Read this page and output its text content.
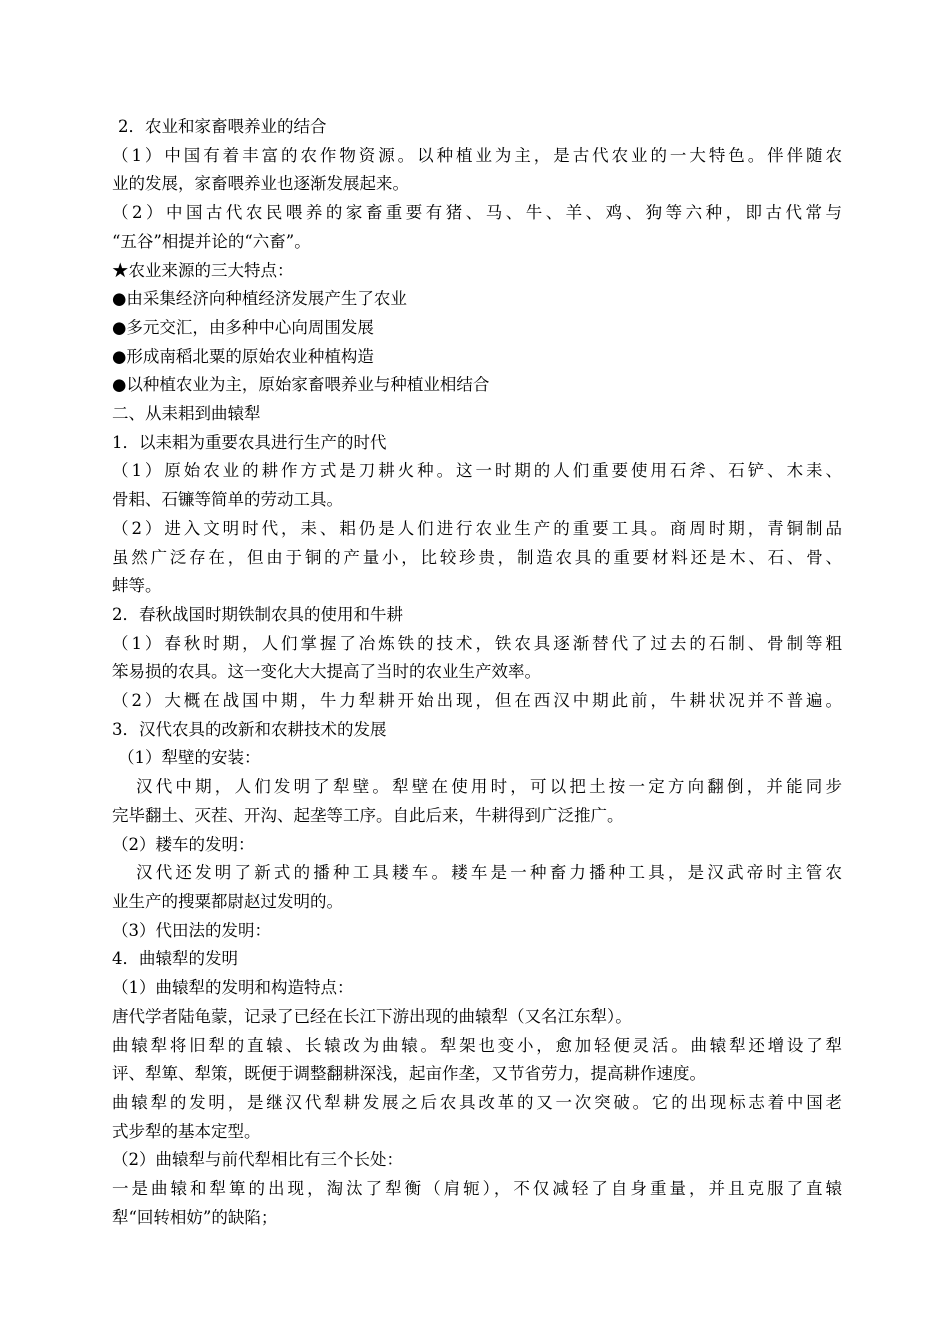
2．农业和家畜喂养业的结合
（1）中国有着丰富的农作物资源。以种植业为主，是古代农业的一大特色。伴伴随农
业的发展，家畜喂养业也逐渐发展起来。
（2）中国古代农民喂养的家畜重要有猪、马、牛、羊、鸡、狗等六种，即古代常与
“五谷”相提并论的“六畜”。
★农业来源的三大特点：
●由采集经济向种植经济发展产生了农业
●多元交汇，由多种中心向周围发展
●形成南稻北粟的原始农业种植构造
●以种植农业为主，原始家畜喂养业与种植业相结合
二、从耒耜到曲辕犁
1．以耒耜为重要农具进行生产的时代
（1）原始农业的耕作方式是刀耕火种。这一时期的人们重要使用石斧、石铲、木耒、
骨耜、石镰等简单的劳动工具。
（2）进入文明时代，耒、耜仍是人们进行农业生产的重要工具。商周时期，青铜制品
虽然广泛存在，但由于铜的产量小，比较珍贵，制造农具的重要材料还是木、石、骨、
蚌等。
2．春秋战国时期铁制农具的使用和牛耕
（1）春秋时期，人们掌握了冶炼铁的技术，铁农具逐渐替代了过去的石制、骨制等粗
笨易损的农具。这一变化大大提高了当时的农业生产效率。
（2）大概在战国中期，牛力犁耕开始出现，但在西汉中期此前，牛耕状况并不普遍。
3．汉代农具的改新和农耕技术的发展
（1）犁壁的安装：
汉代中期，人们发明了犁壁。犁壁在使用时，可以把土按一定方向翻倒，并能同步
完毕翻土、灭茬、开沟、起垄等工序。自此后来，牛耕得到广泛推广。
（2）耧车的发明：
汉代还发明了新式的播种工具耧车。耧车是一种畜力播种工具，是汉武帝时主管农
业生产的搜粟都尉赵过发明的。
（3）代田法的发明：
4．曲辕犁的发明
（1）曲辕犁的发明和构造特点：
唐代学者陆龟蒙，记录了已经在长江下游出现的曲辕犁（又名江东犁）。
曲辕犁将旧犁的直辕、长辕改为曲辕。犁架也变小，愈加轻便灵活。曲辕犁还增设了犁
评、犁箄、犁策，既便于调整翻耕深浅，起亩作垄，又节省劳力，提高耕作速度。
曲辕犁的发明，是继汉代犁耕发展之后农具改革的又一次突破。它的出现标志着中国老
式步犁的基本定型。
（2）曲辕犁与前代犁相比有三个长处：
一是曲辕和犁箄的出现，淘汰了犁衡（肩轭），不仅减轻了自身重量，并且克服了直辕
犁“回转相妨”的缺陷；
